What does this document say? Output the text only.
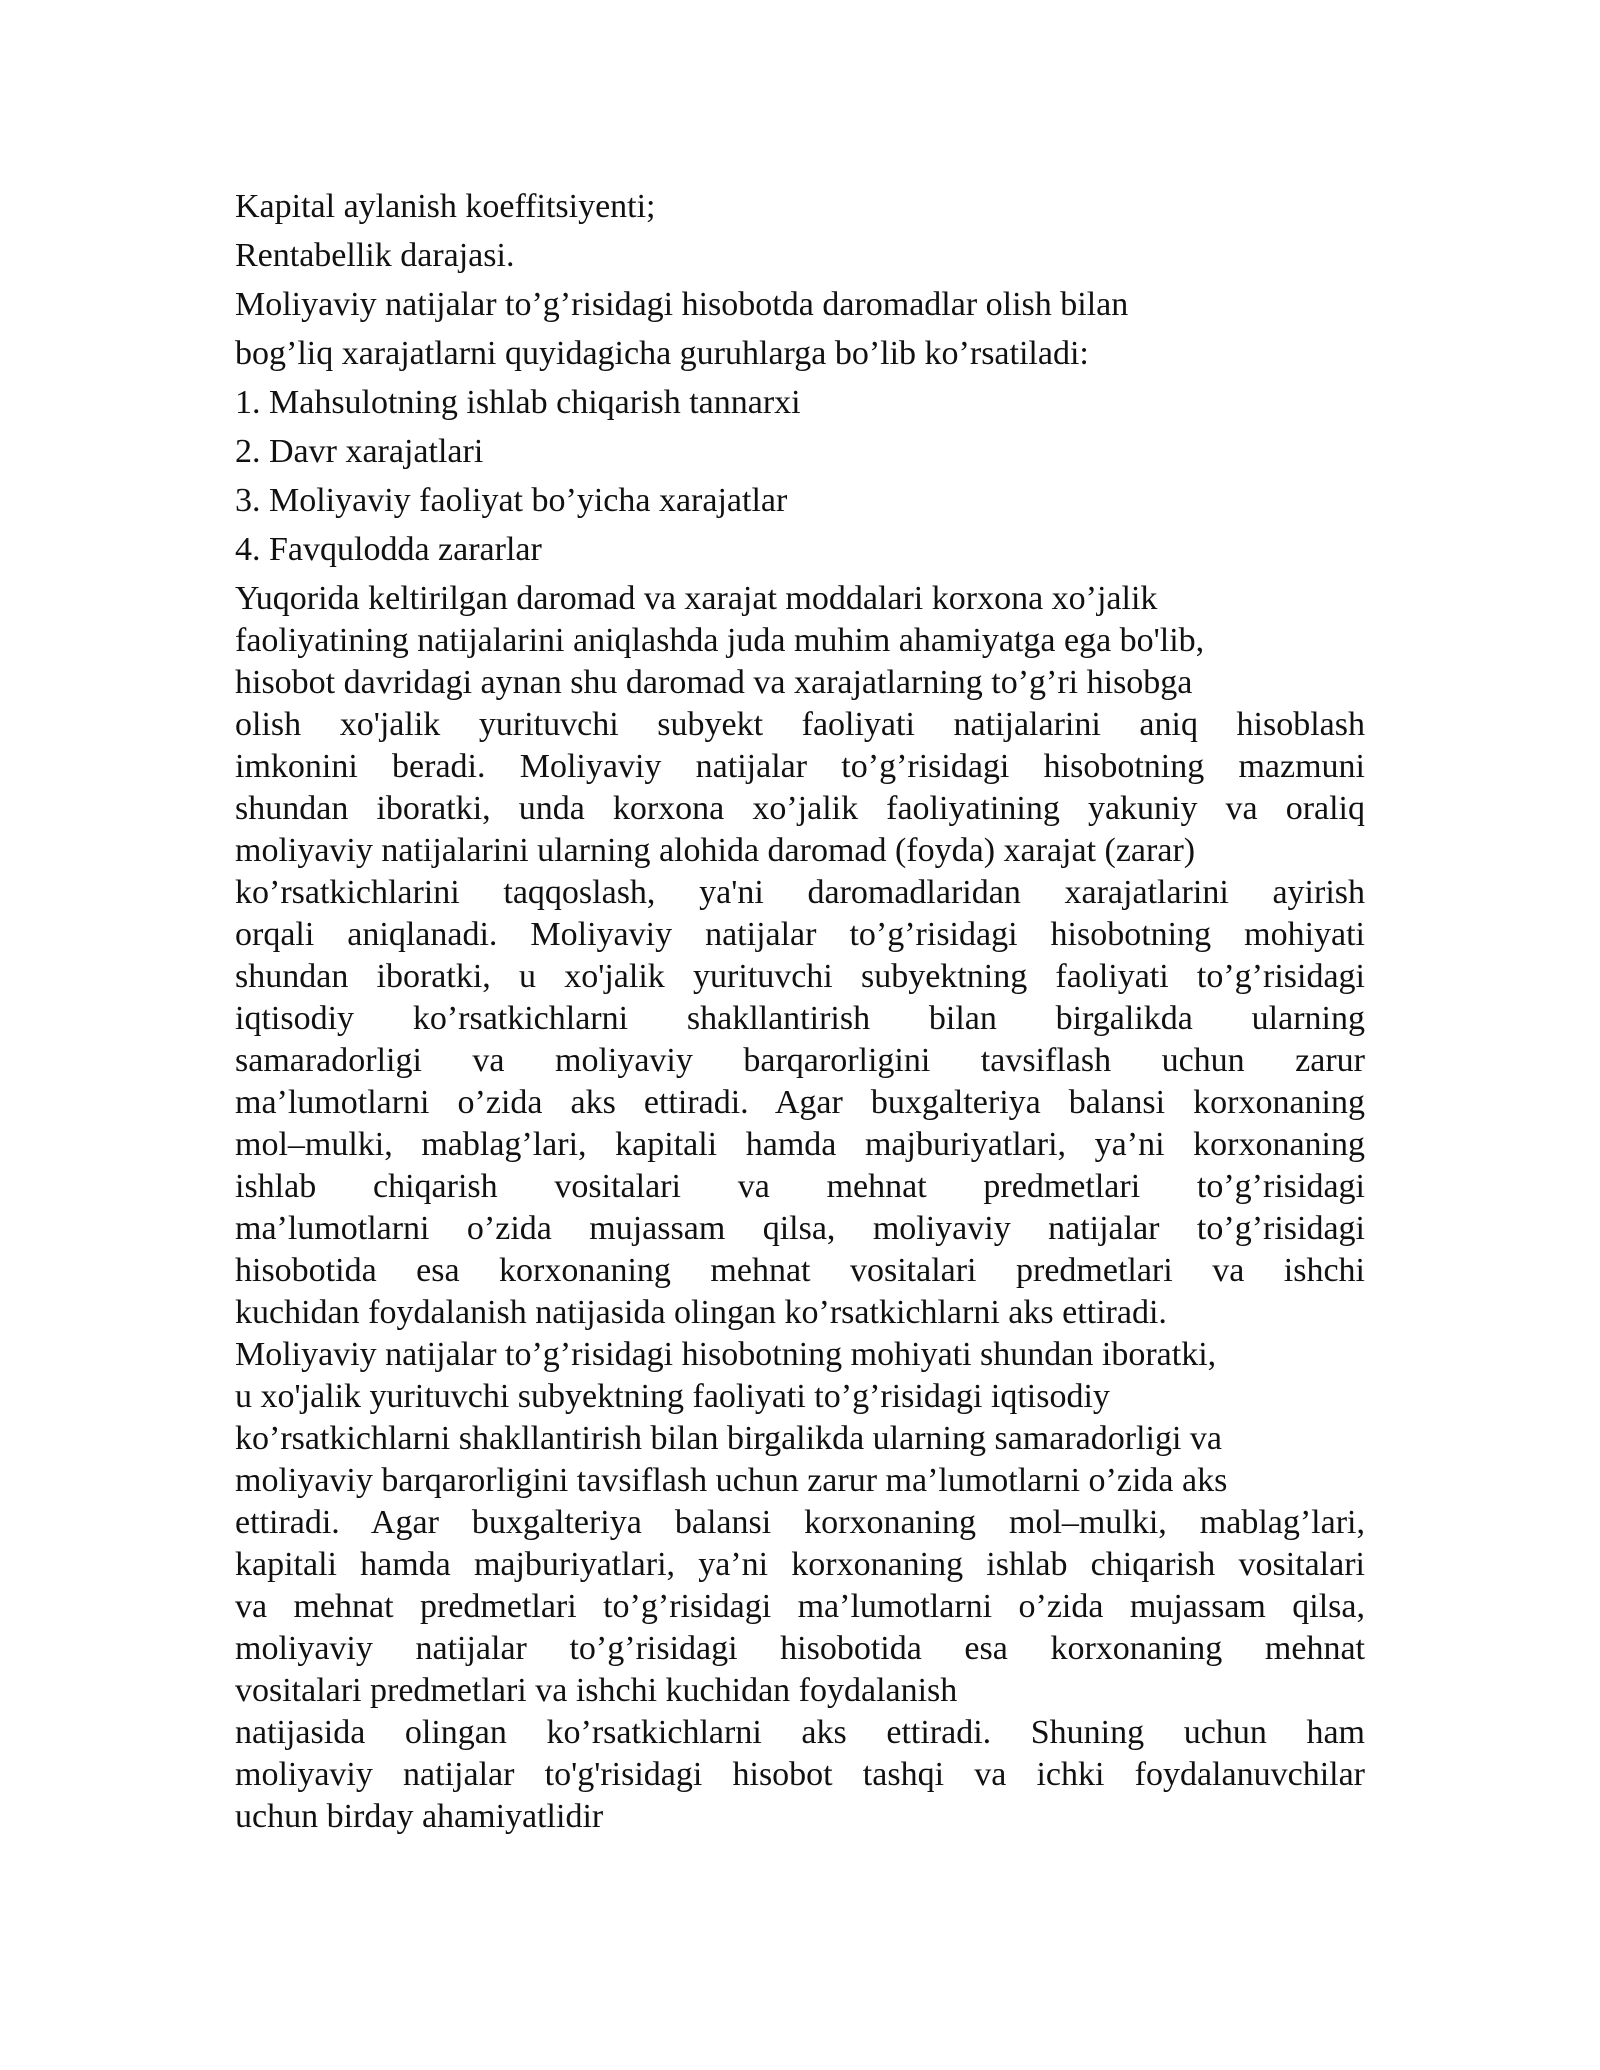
Kapital aylanish koeffitsiyenti;
Rentabellik darajasi.
Moliyaviy natijalar to’g’risidagi hisobotda daromadlar olish bilan
bog’liq xarajatlarni quyidagicha guruhlarga bo’lib ko’rsatiladi:
1. Mahsulotning ishlab chiqarish tannarxi
2. Davr xarajatlari
3. Moliyaviy faoliyat bo’yicha xarajatlar
4. Favqulodda zararlar
Yuqorida keltirilgan daromad va xarajat moddalari korxona xo’jalik
faoliyatining natijalarini aniqlashda juda muhim ahamiyatga ega bo'lib,
hisobot davridagi aynan shu daromad va xarajatlarning to’g’ri hisobga
olish xo'jalik yurituvchi subyekt faoliyati natijalarini aniq hisoblash
imkonini beradi. Moliyaviy natijalar to’g’risidagi hisobotning mazmuni
shundan iboratki, unda korxona xo’jalik faoliyatining yakuniy va oraliq
moliyaviy natijalarini ularning alohida daromad (foyda) xarajat (zarar)
ko’rsatkichlarini taqqoslash, ya'ni daromadlaridan xarajatlarini ayirish
orqali aniqlanadi. Moliyaviy natijalar to’g’risidagi hisobotning mohiyati
shundan iboratki, u xo'jalik yurituvchi subyektning faoliyati to’g’risidagi
iqtisodiy ko’rsatkichlarni shakllantirish bilan birgalikda ularning
samaradorligi va moliyaviy barqarorligini tavsiflash uchun zarur
ma’lumotlarni o’zida aks ettiradi. Agar buxgalteriya balansi korxonaning
mol–mulki, mablag’lari, kapitali hamda majburiyatlari, ya’ni korxonaning
ishlab chiqarish vositalari va mehnat predmetlari to’g’risidagi
ma’lumotlarni o’zida mujassam qilsa, moliyaviy natijalar to’g’risidagi
hisobotida esa korxonaning mehnat vositalari predmetlari va ishchi
kuchidan foydalanish natijasida olingan ko’rsatkichlarni aks ettiradi.
Moliyaviy natijalar to’g’risidagi hisobotning mohiyati shundan iboratki,
u xo'jalik yurituvchi subyektning faoliyati to’g’risidagi iqtisodiy
ko’rsatkichlarni shakllantirish bilan birgalikda ularning samaradorligi va
moliyaviy barqarorligini tavsiflash uchun zarur ma’lumotlarni o’zida aks
ettiradi. Agar buxgalteriya balansi korxonaning mol–mulki, mablag’lari,
kapitali hamda majburiyatlari, ya’ni korxonaning ishlab chiqarish vositalari
va mehnat predmetlari to’g’risidagi ma’lumotlarni o’zida mujassam qilsa,
moliyaviy natijalar to’g’risidagi hisobotida esa korxonaning mehnat
vositalari predmetlari va ishchi kuchidan foydalanish
natijasida olingan ko’rsatkichlarni aks ettiradi. Shuning uchun ham
moliyaviy natijalar to'g'risidagi hisobot tashqi va ichki foydalanuvchilar
uchun birday ahamiyatlidir
